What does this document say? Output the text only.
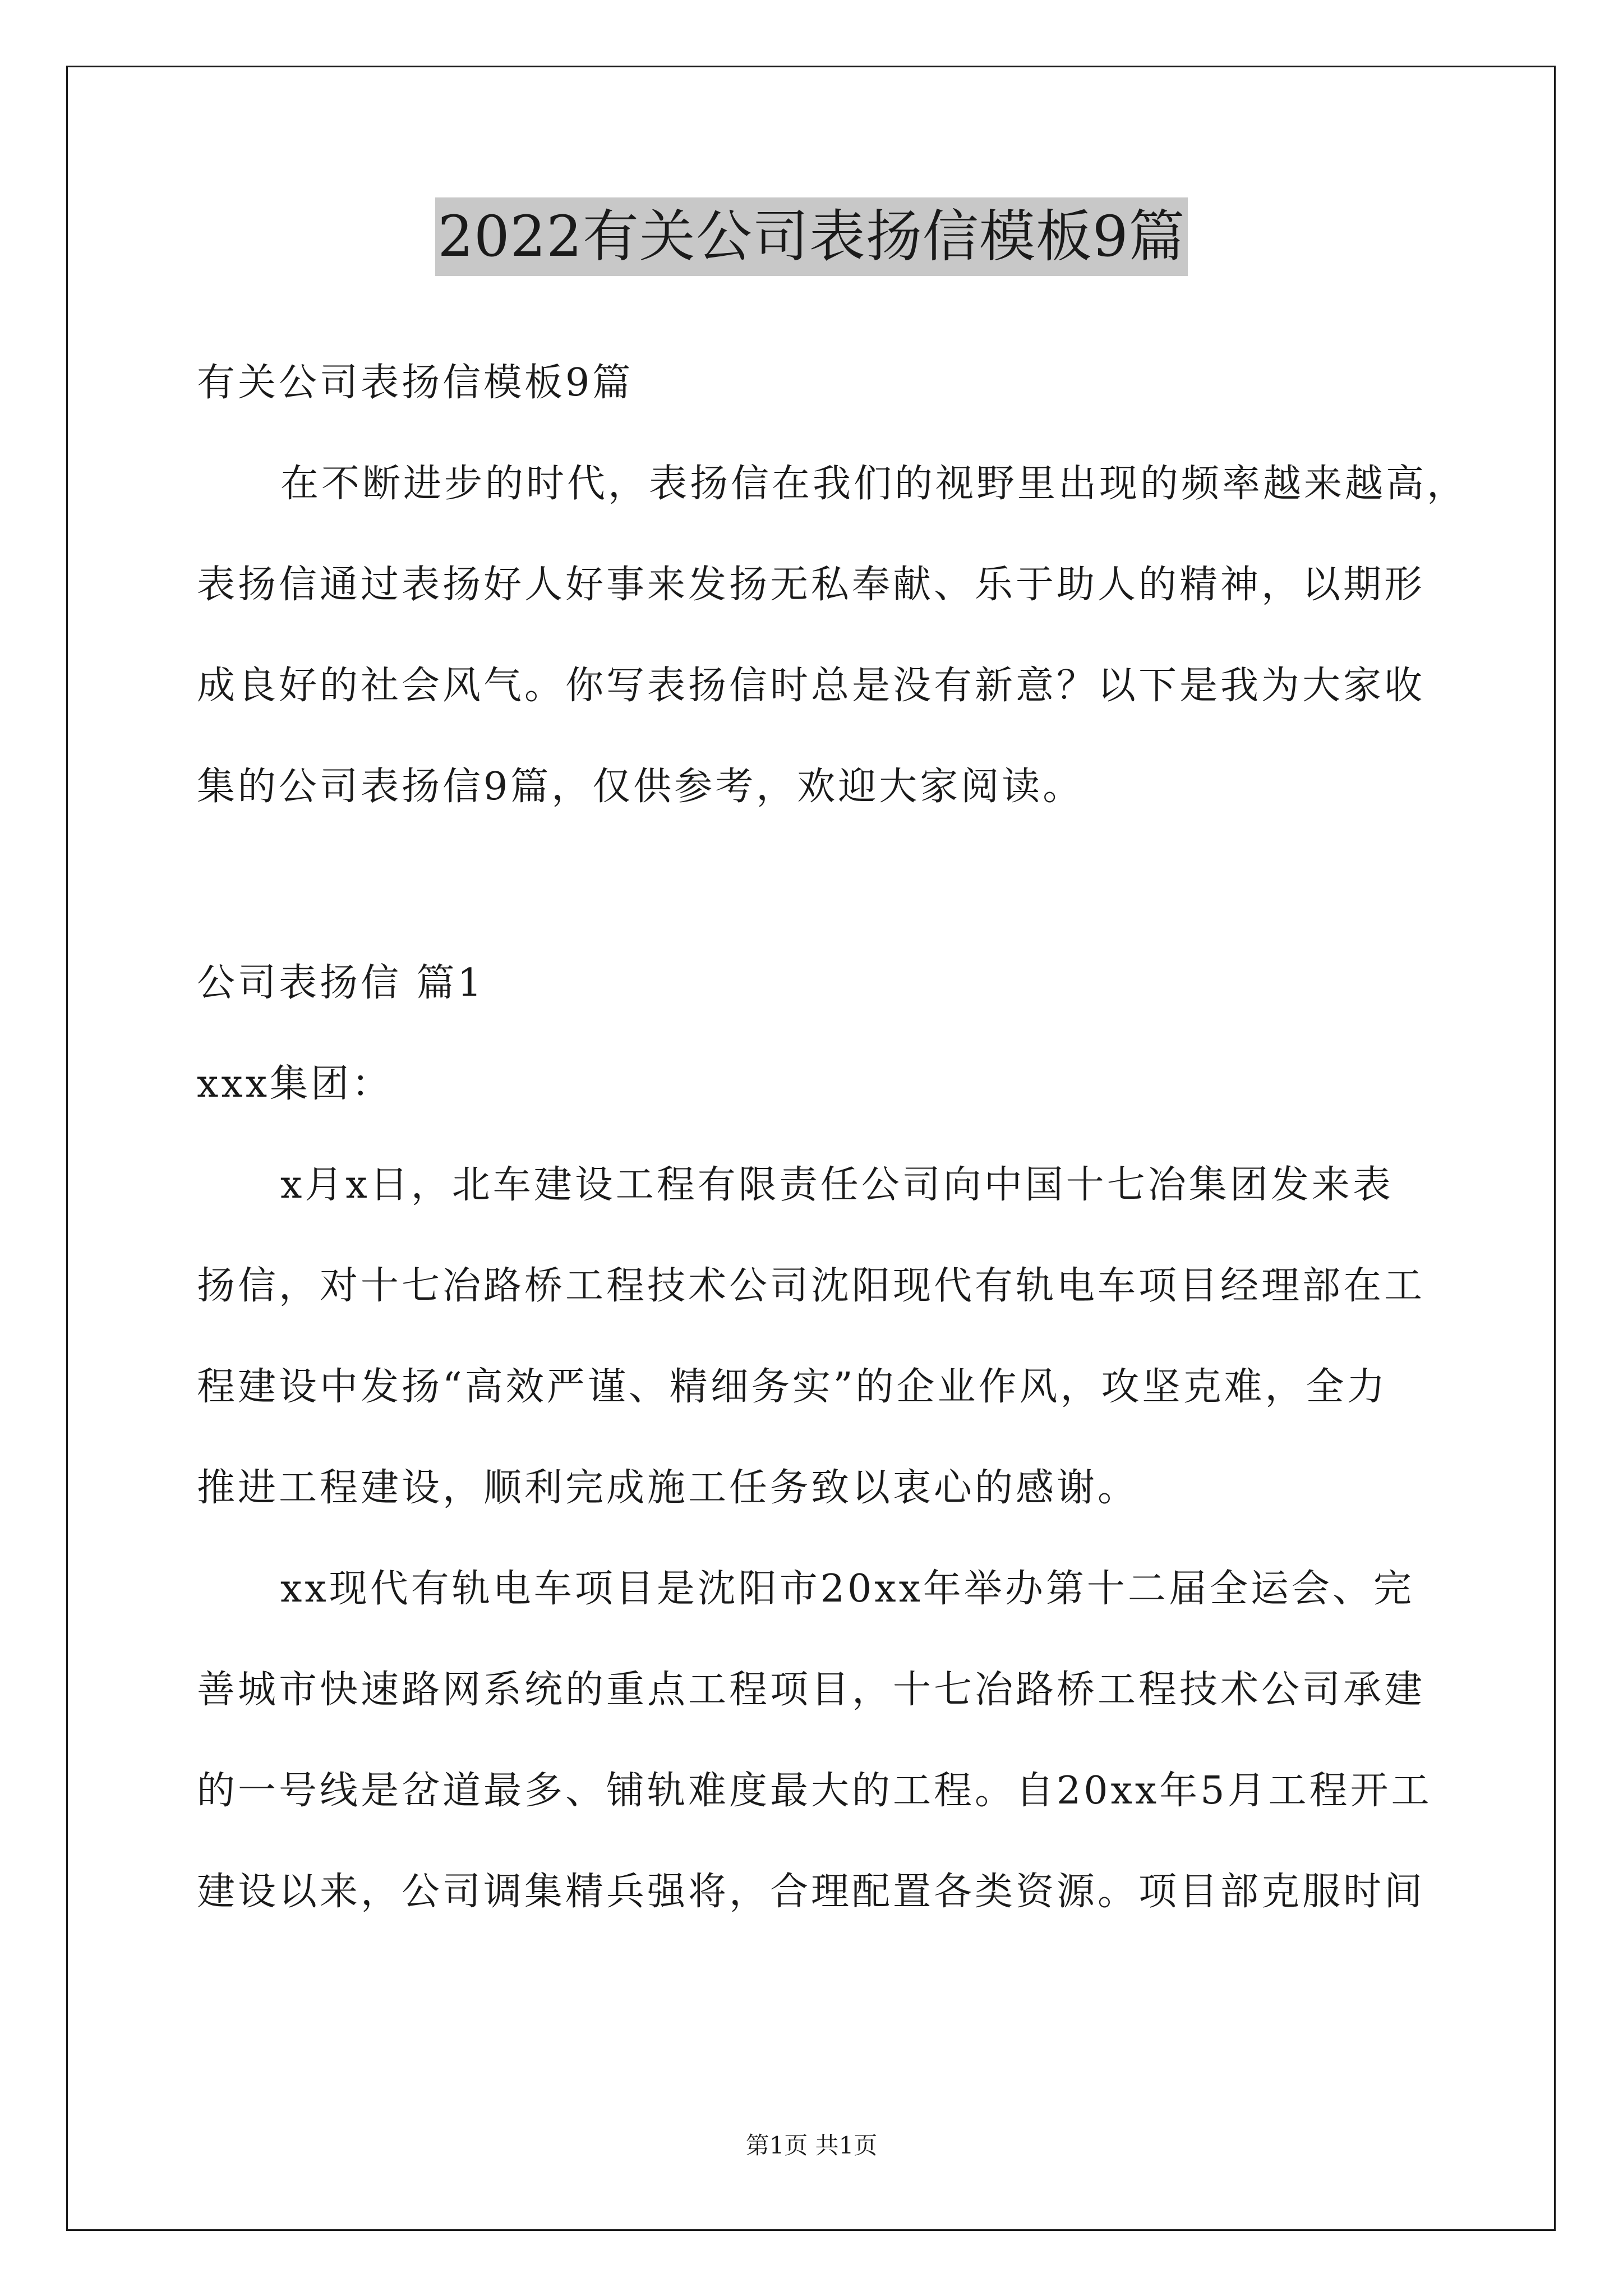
2022有关公司表扬信模板9篇

有关公司表扬信模板9篇

在不断进步的时代，表扬信在我们的视野里出现的频率越来越高，

表扬信通过表扬好人好事来发扬无私奉献、乐于助人的精神，以期形

成良好的社会风气。你写表扬信时总是没有新意？以下是我为大家收

集的公司表扬信9篇，仅供参考，欢迎大家阅读。

公司表扬信 篇1

xxx集团：

x月x日，北车建设工程有限责任公司向中国十七冶集团发来表

扬信，对十七冶路桥工程技术公司沈阳现代有轨电车项目经理部在工

程建设中发扬“高效严谨、精细务实”的企业作风，攻坚克难，全力

推进工程建设，顺利完成施工任务致以衷心的感谢。

xx现代有轨电车项目是沈阳市20xx年举办第十二届全运会、完

善城市快速路网系统的重点工程项目，十七冶路桥工程技术公司承建

的一号线是岔道最多、铺轨难度最大的工程。自20xx年5月工程开工

建设以来，公司调集精兵强将，合理配置各类资源。项目部克服时间

第1页 共1页
